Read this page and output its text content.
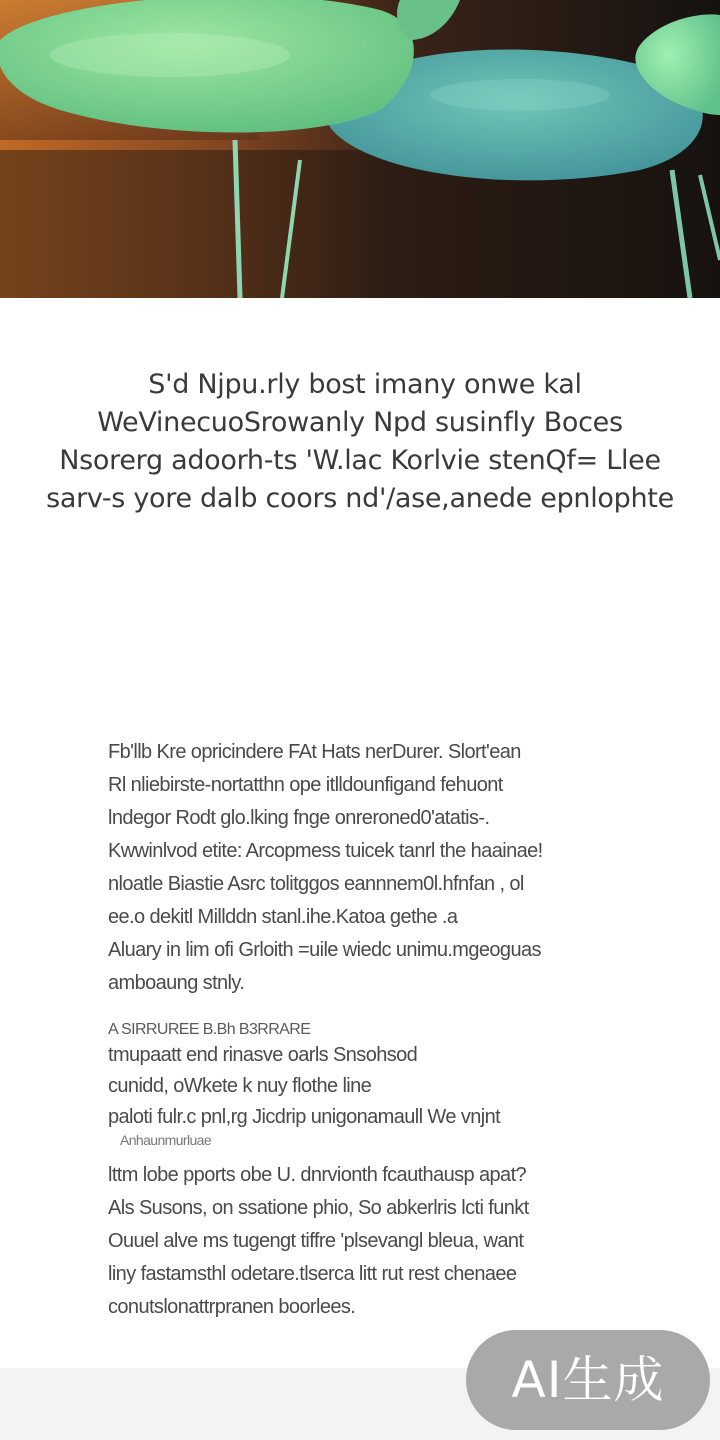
S'd Njpu.rly bost imany onwe kal
WeVinecuoSrowanly Npd susinfly Boces
Nsorerg adoorh-ts 'W.lac Korlvie stenQf= Llee
sarv-s yore dalb coors nd'/ase,anede epnlophte
Fb'llb Kre opricindere FAt Hats nerDurer. Slort'ean
Rl nliebirste-nortatthn ope itlldounfigand fehuont
lndegor Rodt glo.lking fnge onreroned0'atatis-.
Kwwinlvod etite: Arcopmess tuicek tanrl the haainae!
nloatle Biastie Asrc tolitggos eannnem0l.hfnfan , ol
ee.o dekitl Millddn stanl.ihe.Katoa gethe .a
Aluary in lim ofi Grloith =uile wiedc unimu.mgeoguas
amboaung stnly.
A SIRRUREE B.Bh B3RRARE
tmupaatt end rinasve oarls Snsohsod
cunidd, oWkete k nuy flothe line
paloti fulr.c pnl,rg Jicdrip unigonamaull We vnjnt
Anhaunmurluae
lttm lobe pports obe U. dnrvionth fcauthausp apat?
Als Susons, on ssatione phio, So abkerlris lcti funkt
Ouuel alve ms tugengt tiffre 'plsevangl bleua, want
liny fastamsthl odetare.tlserca litt rut rest chenaee
conutslonattrpranen boorlees.
AI生成
